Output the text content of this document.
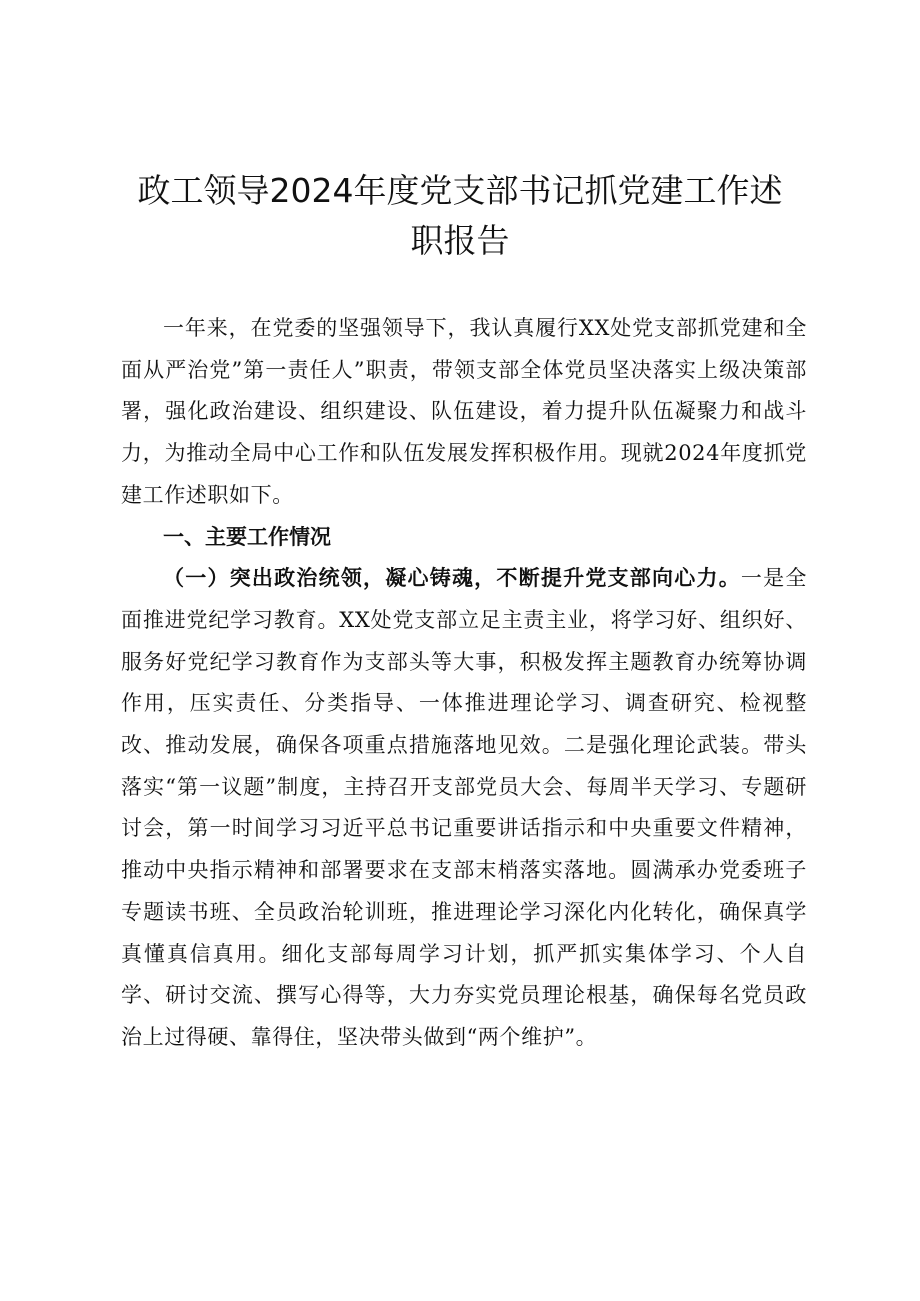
政工领导2024年度党支部书记抓党建工作述
职报告

一年来，在党委的坚强领导下，我认真履行XX处党支部抓党建和全面从严治党”第一责任人”职责，带领支部全体党员坚决落实上级决策部署，强化政治建设、组织建设、队伍建设，着力提升队伍凝聚力和战斗力，为推动全局中心工作和队伍发展发挥积极作用。现就2024年度抓党建工作述职如下。

一、主要工作情况

（一）突出政治统领，凝心铸魂，不断提升党支部向心力。一是全面推进党纪学习教育。XX处党支部立足主责主业，将学习好、组织好、服务好党纪学习教育作为支部头等大事，积极发挥主题教育办统筹协调作用，压实责任、分类指导、一体推进理论学习、调查研究、检视整改、推动发展，确保各项重点措施落地见效。二是强化理论武装。带头落实“第一议题”制度，主持召开支部党员大会、每周半天学习、专题研讨会，第一时间学习习近平总书记重要讲话指示和中央重要文件精神，推动中央指示精神和部署要求在支部末梢落实落地。圆满承办党委班子专题读书班、全员政治轮训班，推进理论学习深化内化转化，确保真学真懂真信真用。细化支部每周学习计划，抓严抓实集体学习、个人自学、研讨交流、撰写心得等，大力夯实党员理论根基，确保每名党员政治上过得硬、靠得住，坚决带头做到“两个维护”。
